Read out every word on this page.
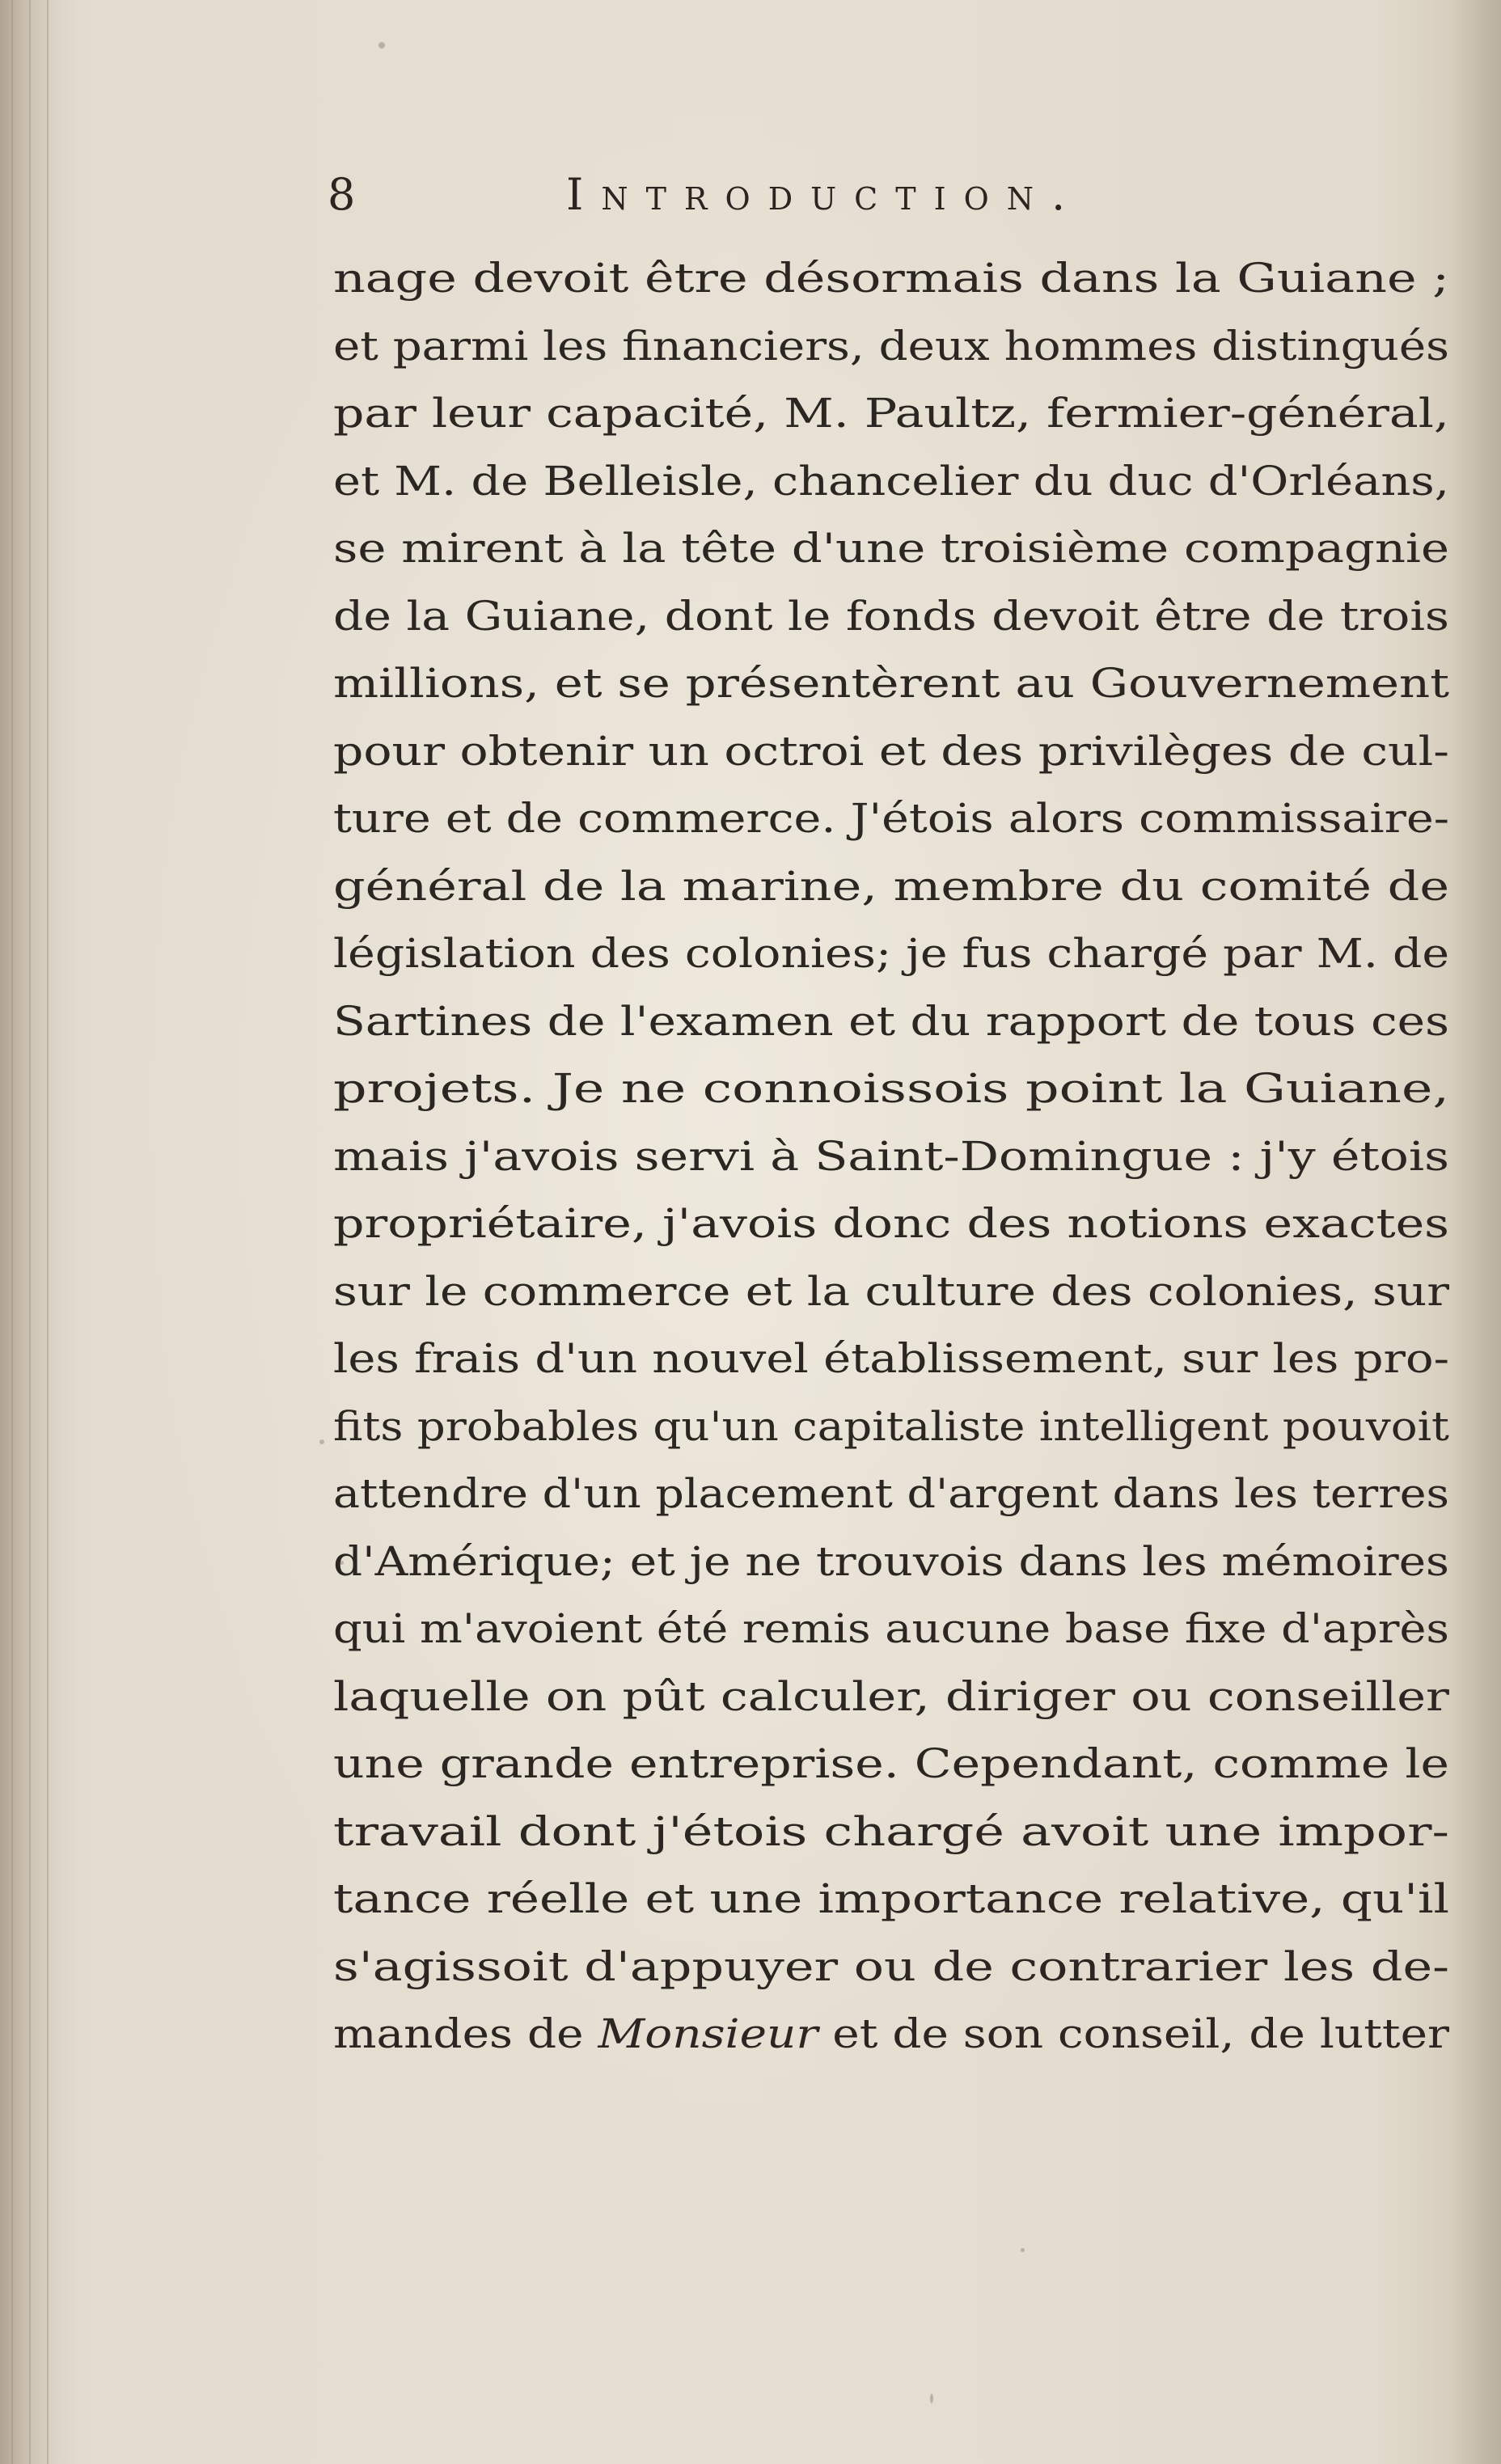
8	Introduction.
nage devoit être désormais dans la Guiane ;
et parmi les financiers, deux hommes distingués
par leur capacité, M. Paultz, fermier-général,
et M. de Belleisle, chancelier du duc d'Orléans,
se mirent à la tête d'une troisième compagnie
de la Guiane, dont le fonds devoit être de trois
millions, et se présentèrent au Gouvernement
pour obtenir un octroi et des privilèges de cul-
ture et de commerce. J'étois alors commissaire-
général de la marine, membre du comité de
législation des colonies; je fus chargé par M. de
Sartines de l'examen et du rapport de tous ces
projets. Je ne connoissois point la Guiane,
mais j'avois servi à Saint-Domingue : j'y étois
propriétaire, j'avois donc des notions exactes
sur le commerce et la culture des colonies, sur
les frais d'un nouvel établissement, sur les pro-
fits probables qu'un capitaliste intelligent pouvoit
attendre d'un placement d'argent dans les terres
d'Amérique; et je ne trouvois dans les mémoires
qui m'avoient été remis aucune base fixe d'après
laquelle on pût calculer, diriger ou conseiller
une grande entreprise. Cependant, comme le
travail dont j'étois chargé avoit une impor-
tance réelle et une importance relative, qu'il
s'agissoit d'appuyer ou de contrarier les de-
mandes de Monsieur et de son conseil, de lutter
